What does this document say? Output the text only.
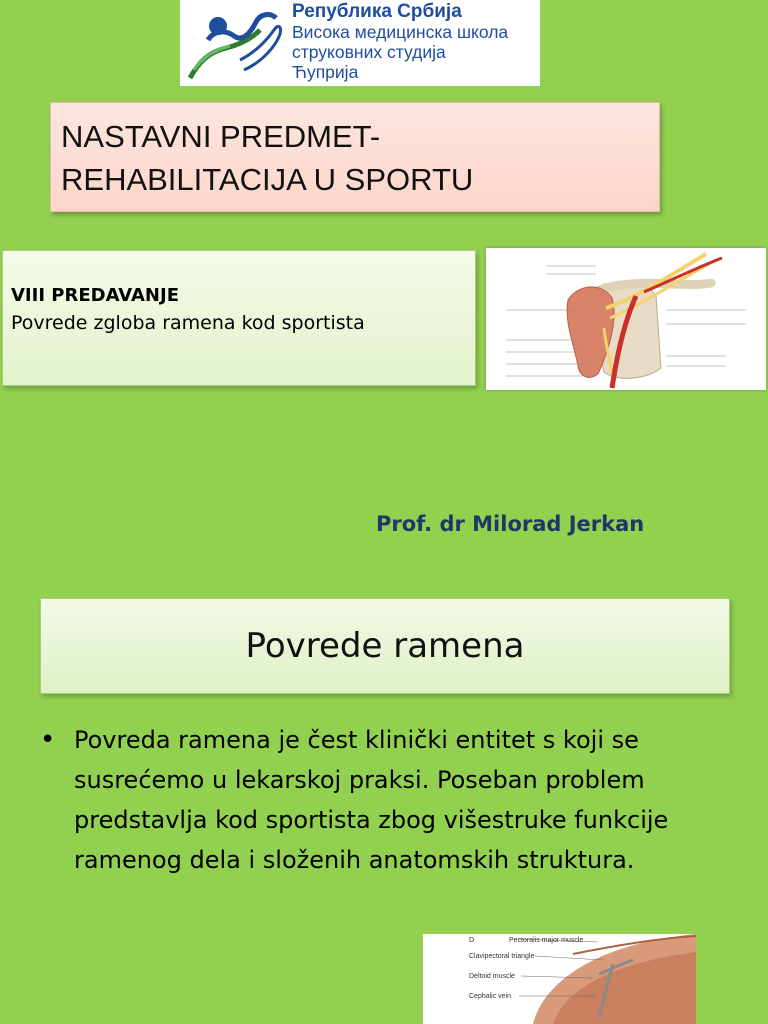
Република Србија
Висока медицинска школа
струковних студија
Ћуприја
NASTAVNI PREDMET-
REHABILITACIJA U SPORTU
VIII PREDAVANJE
Povrede zgloba ramena kod sportista
Prof. dr Milorad Jerkan
Povrede ramena
• Povreda ramena je čest klinički entitet s koji se susrećemo u lekarskoj praksi. Poseban problem predstavlja kod sportista zbog višestruke funkcije ramenog dela i složenih anatomskih struktura.
D	Pectoralis major muscle
Clavipectoral triangle
Deltoid muscle
Cephalic vein
